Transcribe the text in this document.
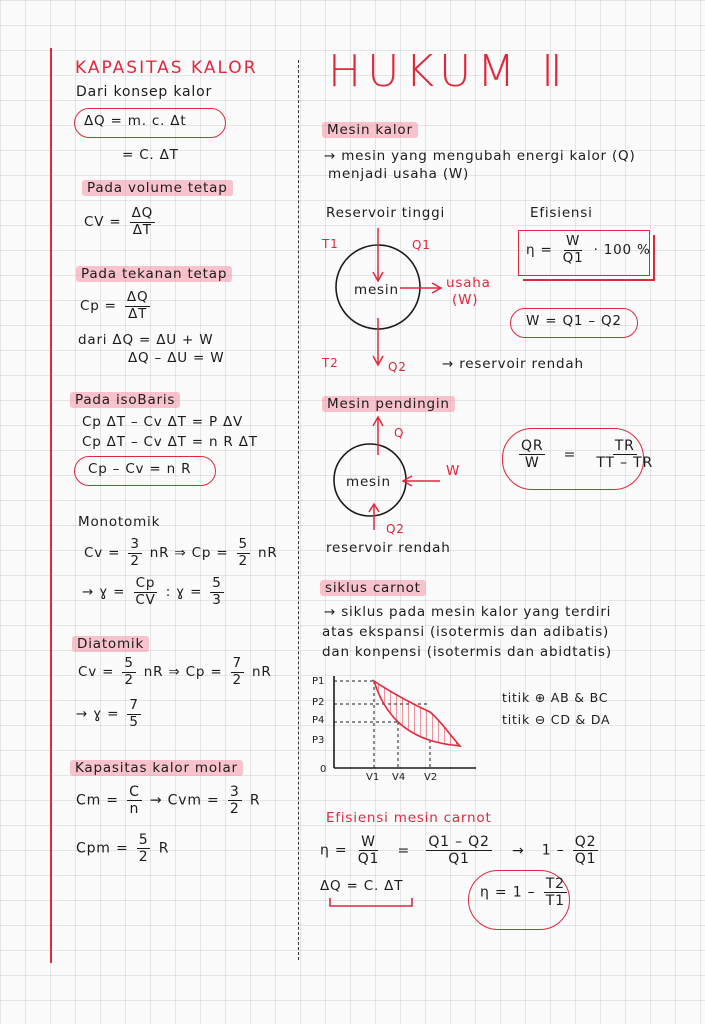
KAPASITAS KALOR
Dari konsep kalor
ΔQ = m. c. Δt
= C. ΔT
Pada volume tetap
CV = $\frac{\Delta Q}{\Delta T}$
Pada tekanan tetap
$Cp = \frac{\Delta Q}{\Delta T}$
dari ΔQ = ΔU + W
ΔQ – ΔU = W
Pada isoBaris
Cp ΔT – Cv ΔT = P ΔV
Cp ΔT – Cv ΔT = n R ΔT
Cp – Cv = n R
Monotomik
$Cv = \frac{3}{2}$ nR ⇒ $Cp = \frac{5}{2}$ nR
→ ɣ = $\frac{Cp}{CV}$ : ɣ = $\frac{5}{3}$
Diatomik
$Cv = \frac{5}{2}$ nR ⇒ $Cp = \frac{7}{2}$ nR
→ ɣ = $\frac{7}{5}$
Kapasitas kalor molar
$Cm = \frac{C}{n}$ → Cvm = $\frac{3}{2}$ R
Cpm = $\frac{5}{2}$ R
HUKUM Ⅱ
Mesin kalor
→ mesin yang mengubah energi kalor (Q)
menjadi usaha (W)
Reservoir tinggi	Efisiensi
T1	Q1
mesin	usaha
(W)
T2	Q2	→ reservoir rendah
$\eta = \frac{W}{Q1} \cdot 100$ %
W = Q1 – Q2
Mesin pendingin
Q
mesin
W
Q2
reservoir rendah
$\frac{QR}{W} = \frac{TR}{TT - TR}$
siklus carnot
→ siklus pada mesin kalor yang terdiri
atas ekspansi (isotermis dan adibatis)
dan konpensi (isotermis dan abidtatis)
P1
P2
P4
P3
0
V1 V4 V2
titik ⊕ AB & BC
titik ⊖ CD & DA
Efisiensi mesin carnot
$\eta = \frac{W}{Q1} = \frac{Q1 - Q2}{Q1} \to 1 - \frac{Q2}{Q1}$
ΔQ = C. ΔT	$\eta = 1 - \frac{T2}{T1}$
